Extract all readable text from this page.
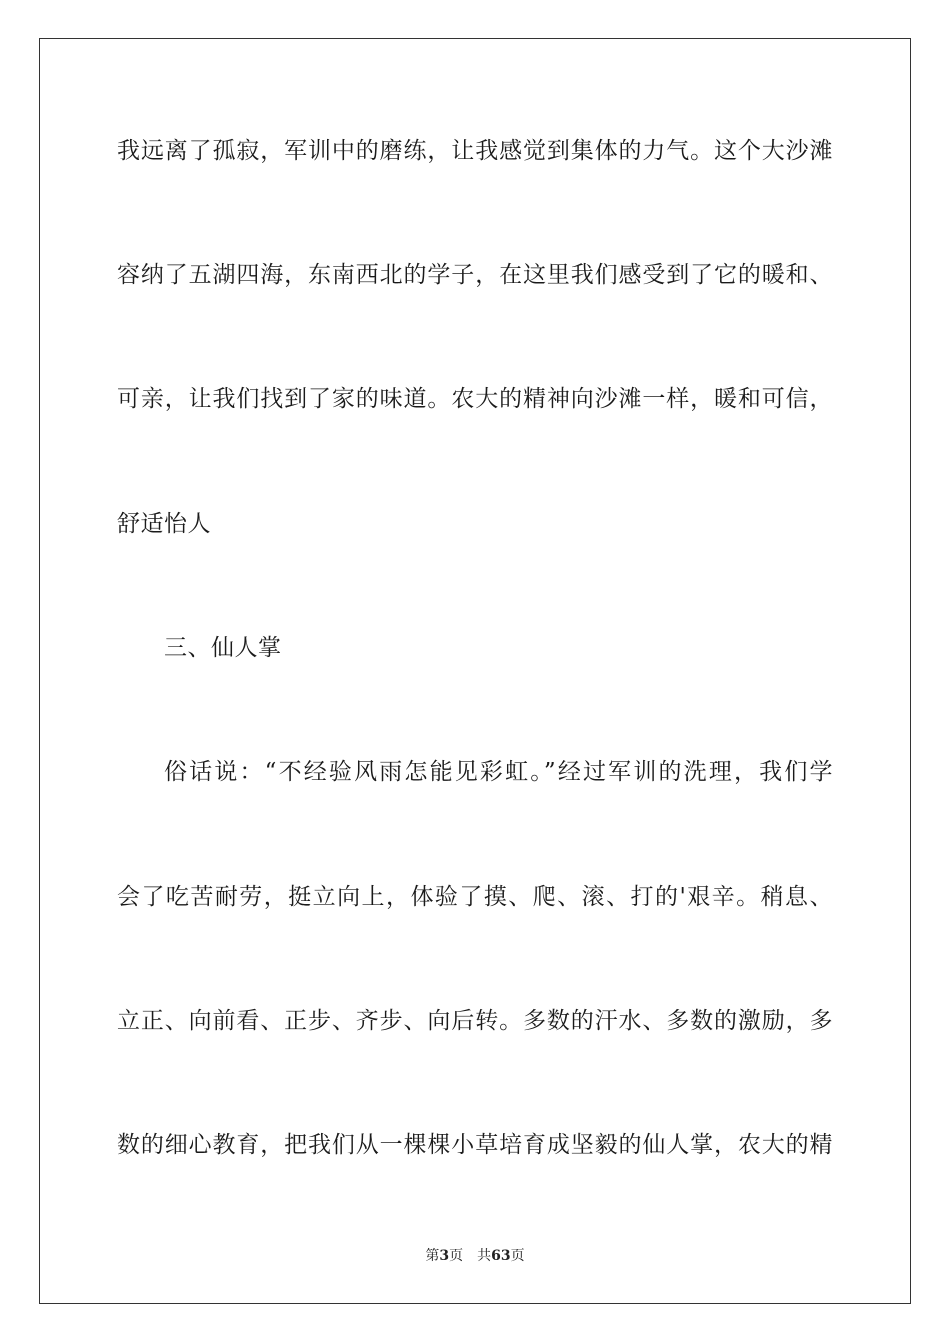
我远离了孤寂，军训中的磨练，让我感觉到集体的力气。这个大沙滩
容纳了五湖四海，东南西北的学子，在这里我们感受到了它的暖和、
可亲，让我们找到了家的味道。农大的精神向沙滩一样，暖和可信，
舒适怡人
三、仙人掌
俗话说：“不经验风雨怎能见彩虹。”经过军训的洗理，我们学
会了吃苦耐劳，挺立向上，体验了摸、爬、滚、打的'艰辛。稍息、
立正、向前看、正步、齐步、向后转。多数的汗水、多数的激励，多
数的细心教育，把我们从一棵棵小草培育成坚毅的仙人掌，农大的精
第3页 共63页
